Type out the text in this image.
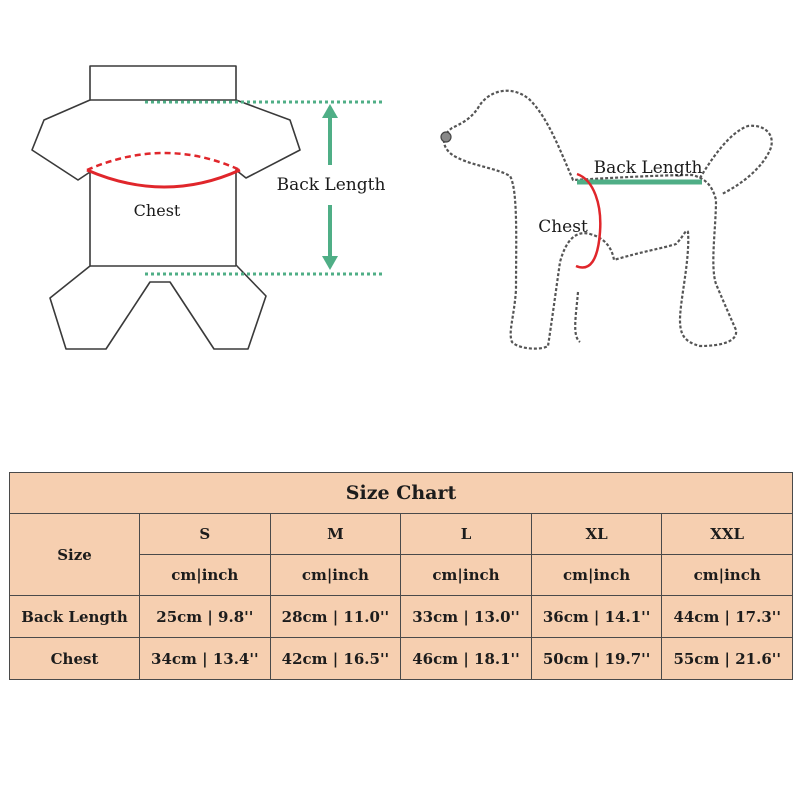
Chest
Back Length
Back Length
Chest
Size Chart					
Size	S	M	L	XL	XXL
	cm|inch	cm|inch	cm|inch	cm|inch	cm|inch
Back Length	25cm | 9.8''	28cm | 11.0''	33cm | 13.0''	36cm | 14.1''	44cm | 17.3''
Chest	34cm | 13.4''	42cm | 16.5''	46cm | 18.1''	50cm | 19.7''	55cm | 21.6''
